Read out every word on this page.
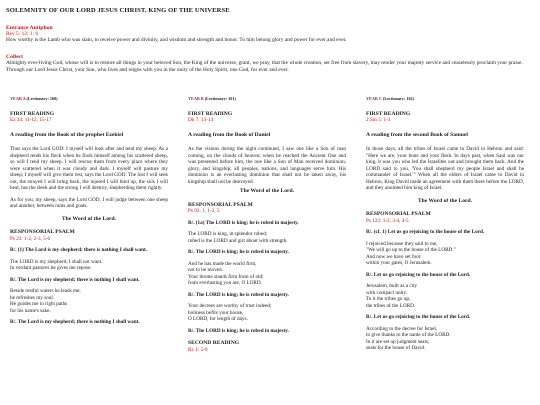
SOLEMNITY OF OUR LORD JESUS CHRIST, KING OF THE UNIVERSE
Entrance Antiphon
Rev 5: 12; 1: 6
How worthy is the Lamb who was slain, to receive power and divinity, and wisdom and strength and honor. To him belong glory and power for ever and ever.
Collect
Almighty ever-living God, whose will is to restore all things in your beloved Son, the King of the universe, grant, we pray, that the whole creation, set free from slavery, may render your majesty service and ceaselessly proclaim your praise. Through our Lord Jesus Christ, your Son, who lives and reigns with you in the unity of the Holy Spirit, one God, for ever and ever.
YEAR A (Lectionary: 160)
FIRST READING
Ez 34: 11-12, 15-17
A reading from the Book of the prophet Ezekiel
Thus says the Lord GOD: I myself will look after and tend my sheep. As a shepherd tends his flock when he finds himself among his scattered sheep, so will I tend my sheep. I will rescue them from every place where they were scattered when it was cloudy and dark. I myself will pasture my sheep; I myself will give them rest, says the Lord GOD. The lost I will seek out, the strayed I will bring back, the injured I will bind up, the sick I will heal, but the sleek and the strong I will destroy, shepherding them rightly.
As for you, my sheep, says the Lord GOD, I will judge between one sheep and another, between rams and goats.
The Word of the Lord.
RESPONSORIAL PSALM
Ps 23: 1-2, 2-3, 5-6
R/. (1) The Lord is my shepherd; there is nothing I shall want.
The LORD is my shepherd; I shall not want.
In verdant pastures he gives me repose.
R/. The Lord is my shepherd; there is nothing I shall want.
Beside restful waters he leads me;
he refreshes my soul.
He guides me in right paths
for his name's sake.
R/. The Lord is my shepherd; there is nothing I shall want.
YEAR B (Lectionary: 161)
FIRST READING
Dn 7: 13-14
A reading from the Book of Daniel
As the visions during the night continued, I saw one like a Son of man coming, on the clouds of heaven; when he reached the Ancient One and was presented before him, the one like a Son of Man received dominion, glory, and kingship; all peoples, nations, and languages serve him. His dominion is an everlasting dominion that shall not be taken away, his kingship shall not be destroyed.
The Word of the Lord.
RESPONSORIAL PSALM
Ps 93: 1, 1-2, 5
R/. (1a) The LORD is king; he is robed in majesty.
The LORD is king, in splendor robed;
robed is the LORD and girt about with strength.
R/. The LORD is king; he is robed in majesty.
And he has made the world firm,
not to be moved.
Your throne stands firm from of old;
from everlasting you are, O LORD.
R/. The LORD is king; he is robed in majesty.
Your decrees are worthy of trust indeed;
holiness befits your house,
O LORD, for length of days.
R/. The LORD is king; he is robed in majesty.
SECOND READING
Rv 1: 5-8
YEAR C (Lectionary: 162)
FIRST READING
2 Sm 5: 1-3
A reading from the second Book of Samuel
In those days, all the tribes of Israel came to David in Hebron and said: "Here we are, your bone and your flesh. In days past, when Saul was our king, it was you who led the Israelites out and brought them back. And the LORD said to you, 'You shall shepherd my people Israel and shall be commander of Israel.'" When all the elders of Israel came to David in Hebron, King David made an agreement with them there before the LORD, and they anointed him king of Israel.
The Word of the Lord.
RESPONSORIAL PSALM
Ps 122: 1-2, 3-4, 4-5
R/. (cf. 1) Let us go rejoicing to the house of the Lord.
I rejoiced because they said to me,
"We will go up to the house of the LORD."
And now we have set foot
within your gates, O Jerusalem.
R/. Let us go rejoicing to the house of the Lord.
Jerusalem, built as a city
with compact unity.
To it the tribes go up,
the tribes of the LORD.
R/. Let us go rejoicing to the house of the Lord.
According to the decree for Israel,
to give thanks to the name of the LORD.
In it are set up judgment seats,
seats for the house of David.
